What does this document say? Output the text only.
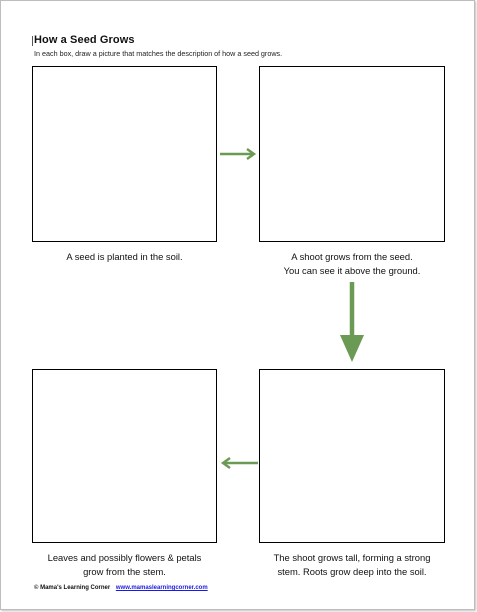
How a Seed Grows
In each box, draw a picture that matches the description of how a seed grows.
A seed is planted in the soil.	A shoot grows from the seed.
You can see it above the ground.
Leaves and possibly flowers & petals
grow from the stem.
The shoot grows tall, forming a strong
stem. Roots grow deep into the soil.
© Mama's Learning Corner www.mamaslearningcorner.com
